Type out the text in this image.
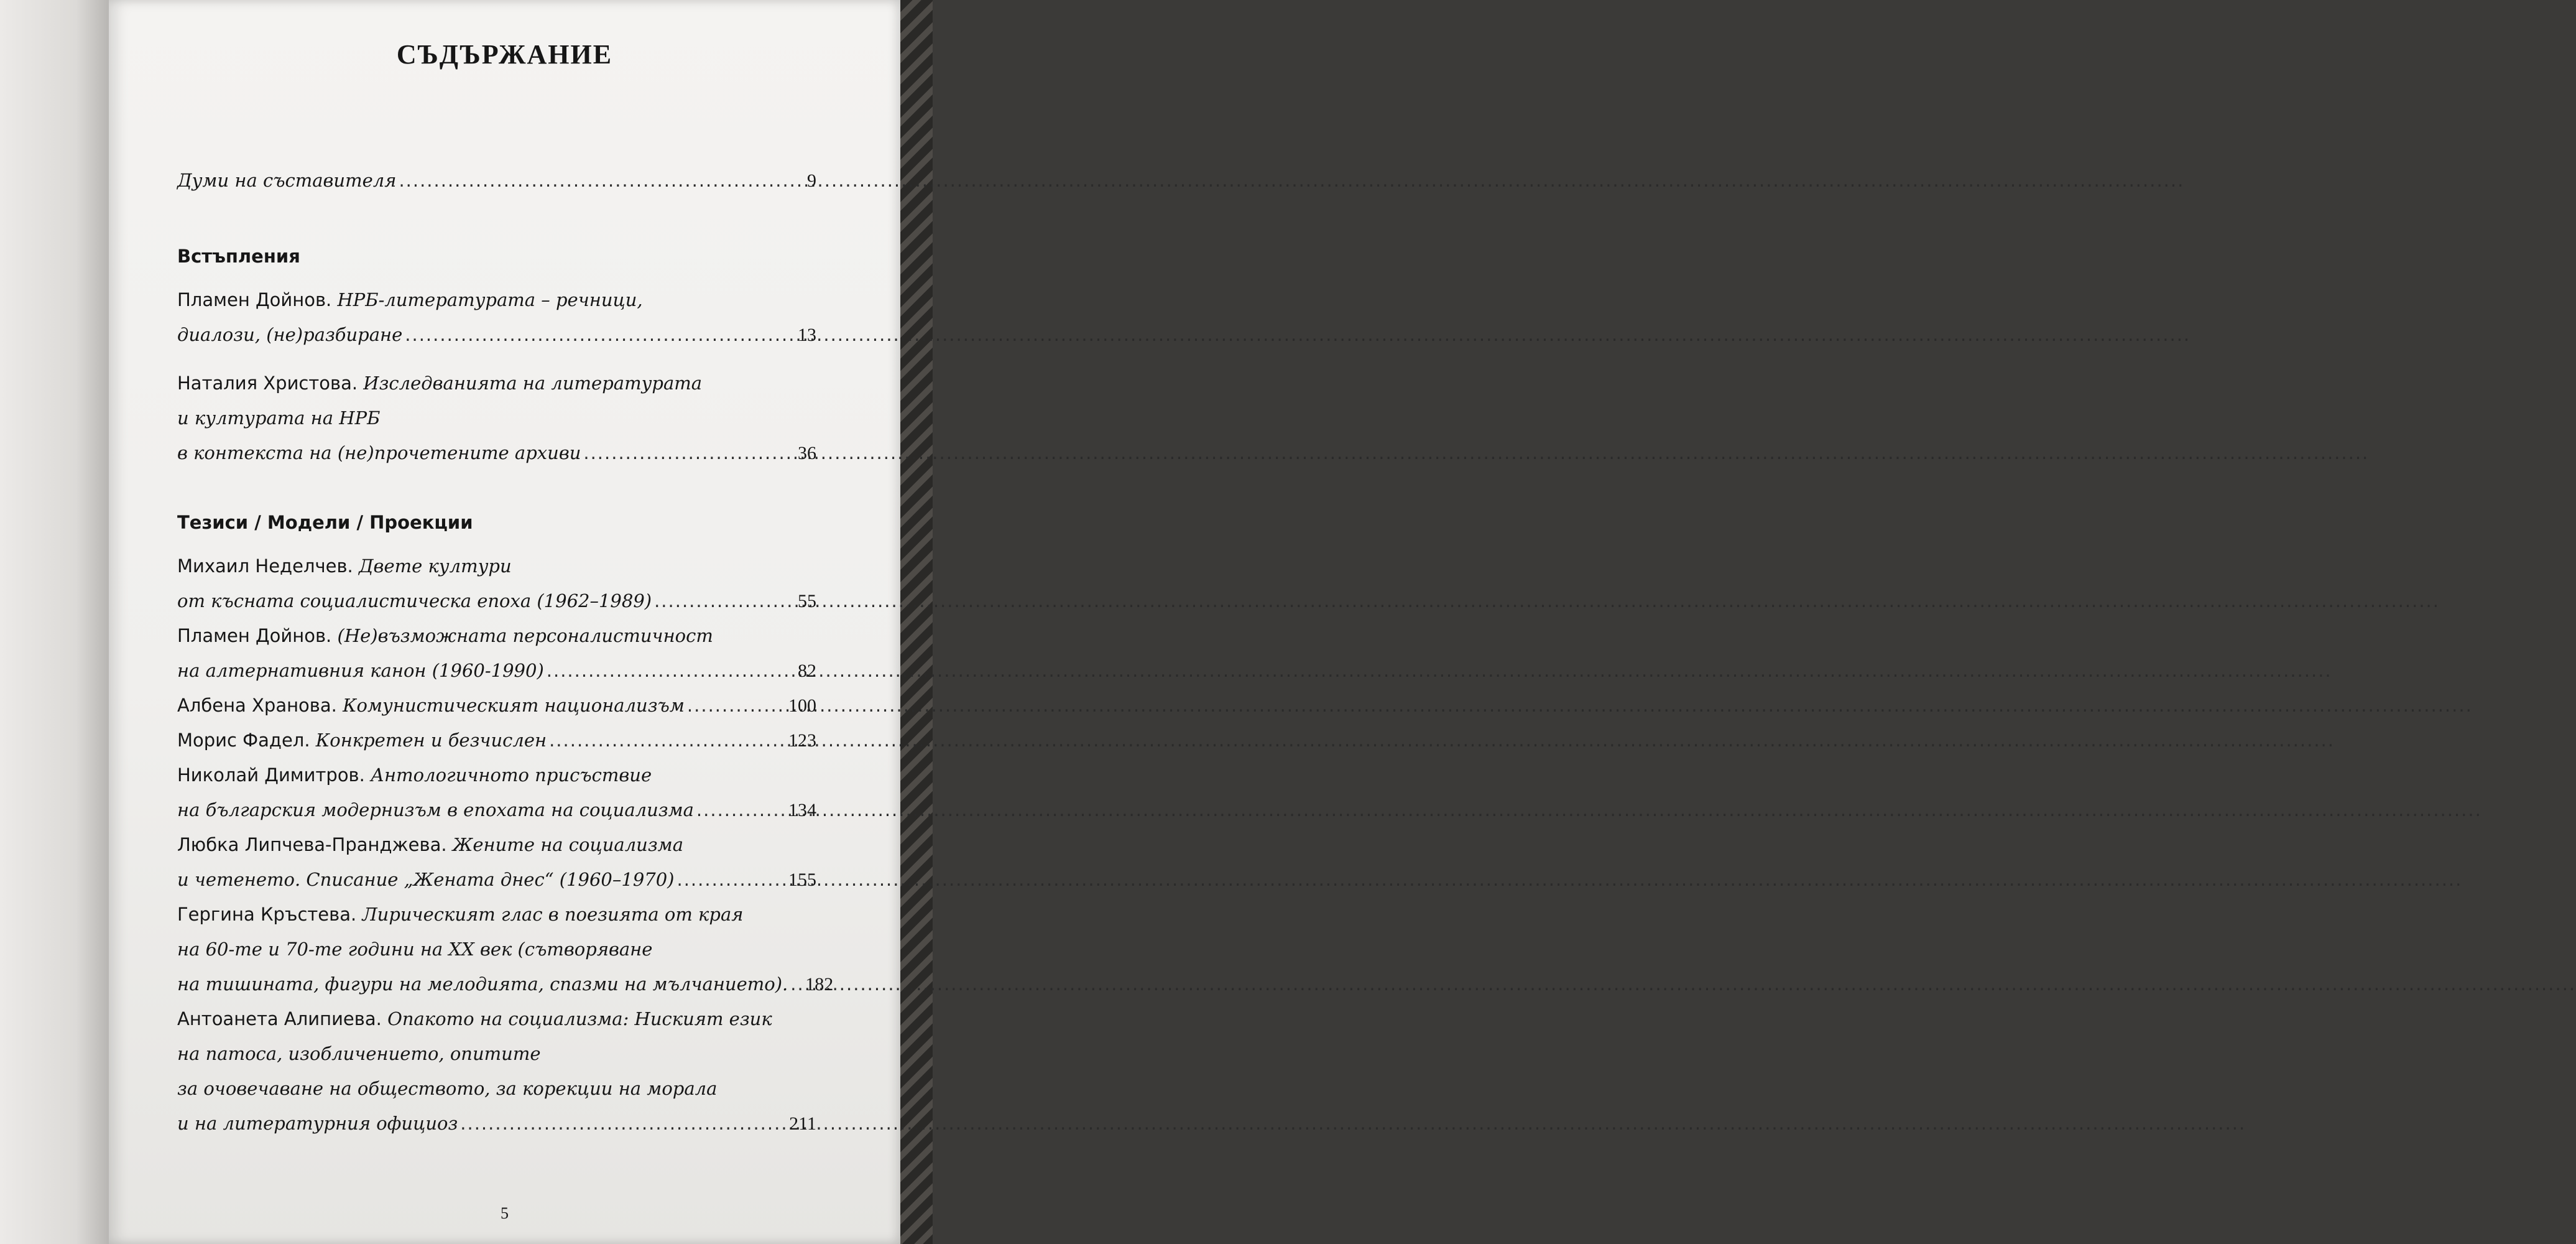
СЪДЪРЖАНИЕ
Думи на съставителя .....	9
Встъпления
Пламен Дойнов. НРБ-литературата – речници,
диалози, (не)разбиране .....	13
Наталия Христова. Изследванията на литературата
и културата на НРБ
в контекста на (не)прочетените архиви .....	36
Тезиси / Модели / Проекции
Михаил Неделчев. Двете култури
от късната социалистическа епоха (1962–1989) .....	55
Пламен Дойнов. (Не)възможната персоналистичност
на алтернативния канон (1960-1990) .....	82
Албена Хранова.
Комунистическият национализъм .....	100
Морис Фадел.
Конкретен и безчислен .....	123
Николай Димитров. Антологичното присъствие
на българския модернизъм в епохата на социализма .....	134
Любка Липчева-Пранджева. Жените на социализма
и четенето. Списание „Жената днес“ (1960–1970) .....	155
Гергина Кръстева. Лирическият глас в поезията от края
на 60-те и 70-те години на XX век (сътворяване
на тишината, фигури на мелодията, спазми на мълчанието). ..... 182
Антоанета Алипиева. Опакото на социализма: Ниският език
на патоса, изобличението, опитите
за очовечаване на обществото, за корекции на морала
и на литературния официоз .....	211
5
